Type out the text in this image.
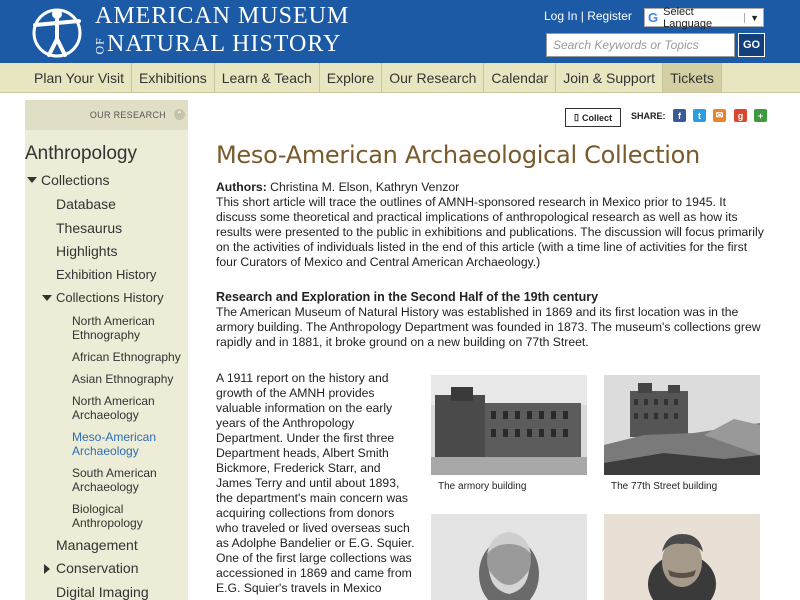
AMERICAN MUSEUM
OFNATURAL HISTORY
Log In | Register G Select Language	▼
Search Keywords or Topics
GO
Plan Your Visit	Exhibitions	Learn & Teach	Explore	Our Research	Calendar	Join & Support	Tickets
OUR RESEARCH ⌃
Anthropology
Collections
Database
Thesaurus
Highlights
Exhibition History
Collections History
North American Ethnography
African Ethnography
Asian Ethnography
North American Archaeology
Meso-American Archaeology
South American Archaeology
Biological Anthropology
Management
Conservation
Digital Imaging
▯ Collect SHARE:	f	t	✉	g	+
Meso-American Archaeological Collection
Authors: Christina M. Elson, Kathryn Venzor
This short article will trace the outlines of AMNH-sponsored research in Mexico prior to 1945. It discuss some theoretical and practical implications of anthropological research as well as how its results were presented to the public in exhibitions and publications. The discussion will focus primarily on the activities of individuals listed in the end of this article (with a time line of activities for the first four Curators of Mexico and Central American Archaeology.)
Research and Exploration in the Second Half of the 19th century
The American Museum of Natural History was established in 1869 and its first location was in the armory building. The Anthropology Department was founded in 1873. The museum's collections grew rapidly and in 1881, it broke ground on a new building on 77th Street.
A 1911 report on the history and growth of the AMNH provides valuable information on the early years of the Anthropology Department. Under the first three Department heads, Albert Smith Bickmore, Frederick Starr, and James Terry and until about 1893, the department's main concern was acquiring collections from donors who traveled or lived overseas such as Adolphe Bandelier or E.G. Squier. One of the first large collections was accessioned in 1869 and came from E.G. Squier's travels in Mexico
The armory building	The 77th Street building
